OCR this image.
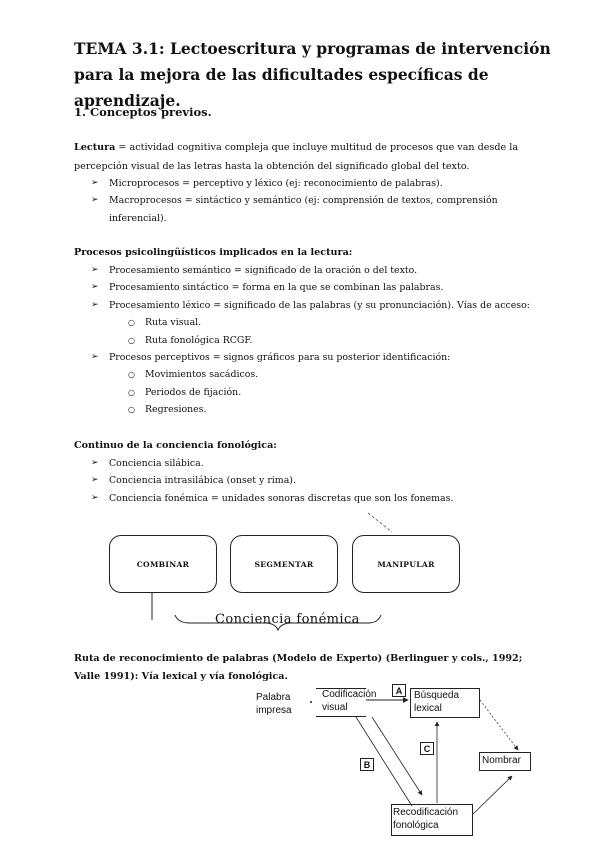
TEMA 3.1: Lectoescritura y programas de intervención para la mejora de las dificultades específicas de aprendizaje.
1. Conceptos previos.
Lectura = actividad cognitiva compleja que incluye multitud de procesos que van desde la percepción visual de las letras hasta la obtención del significado global del texto.
➢ Microprocesos = perceptivo y léxico (ej: reconocimiento de palabras).
➢ Macroprocesos = sintáctico y semántico (ej: comprensión de textos, comprensión inferencial).
Procesos psicolingüísticos implicados en la lectura:
➢ Procesamiento semántico = significado de la oración o del texto.
➢ Procesamiento sintáctico = forma en la que se combinan las palabras.
➢ Procesamiento léxico = significado de las palabras (y su pronunciación). Vías de acceso:
○ Ruta visual.
○ Ruta fonológica RCGF.
➢ Procesos perceptivos = signos gráficos para su posterior identificación:
○ Movimientos sacádicos.
○ Periodos de fijación.
○ Regresiones.
Continuo de la conciencia fonológica:
➢ Conciencia silábica.
➢ Conciencia intrasilábica (onset y rima).
➢ Conciencia fonémica = unidades sonoras discretas que son los fonemas.
COMBINAR	SEGMENTAR	MANIPULAR
Conciencia fonémica
Ruta de reconocimiento de palabras (Modelo de Experto) (Berlinguer y cols., 1992; Valle 1991): Vía lexical y vía fonológica.
Palabra impresa
Codificación visual
Búsqueda lexical
A
B
C
Nombrar
Recodificación fonológica
